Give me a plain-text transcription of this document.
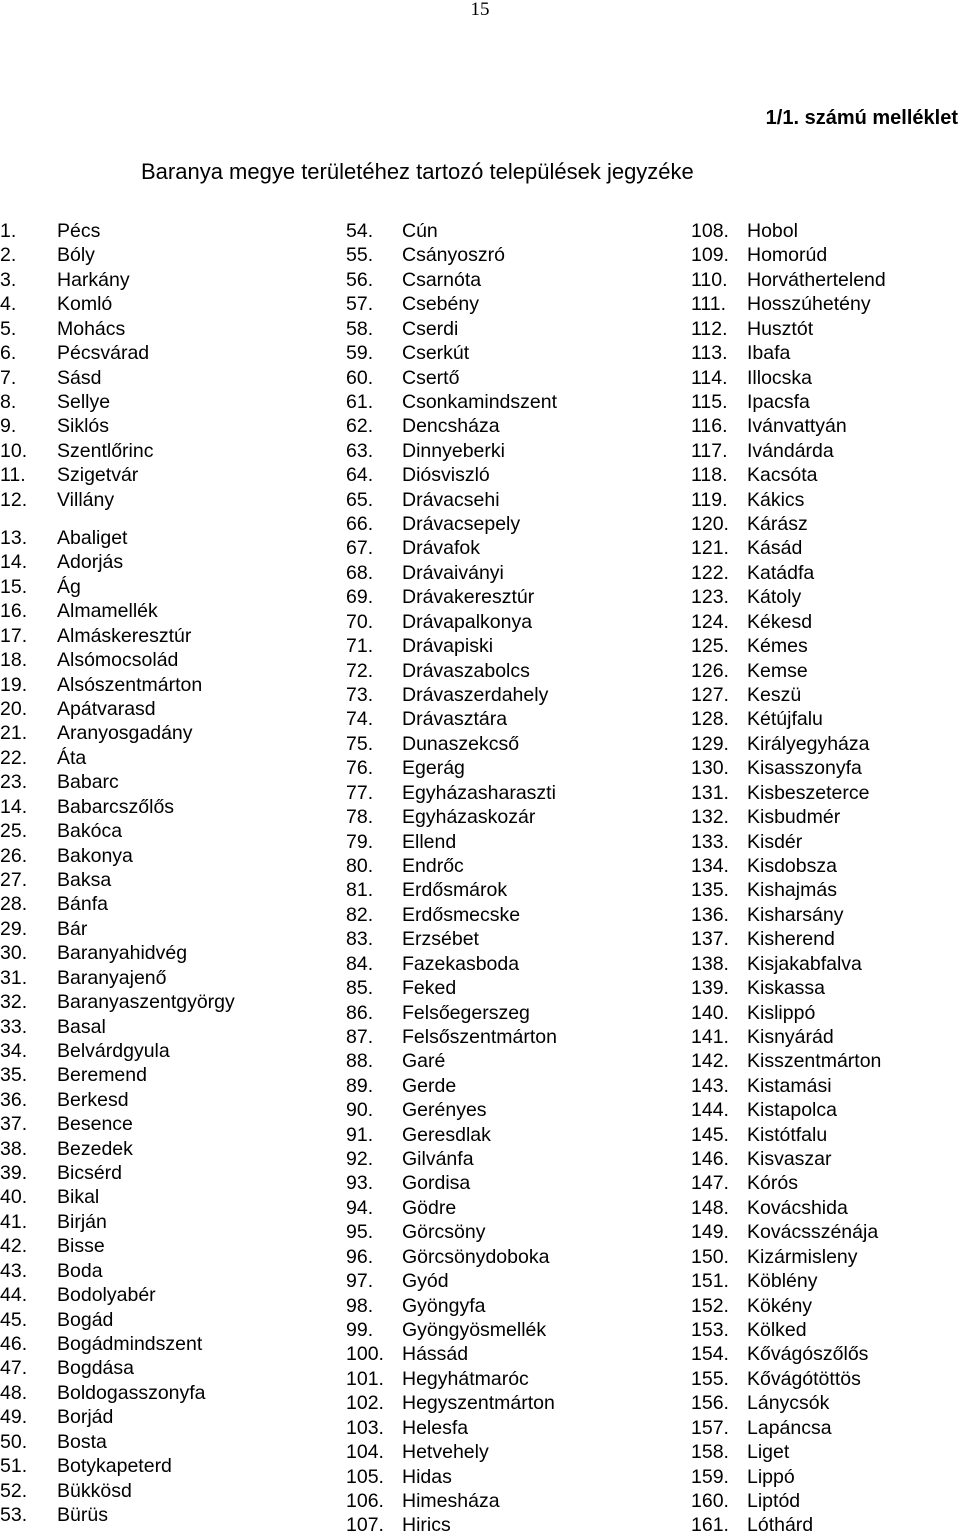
15
1/1. számú melléklet
Baranya megye területéhez tartozó települések jegyzéke
1.	Pécs
2.	Bóly
3.	Harkány
4.	Komló
5.	Mohács
6.	Pécsvárad
7.	Sásd
8.	Sellye
9.	Siklós
10.	Szentlőrinc
11.	Szigetvár
12.	Villány
13.	Abaliget
14.	Adorjás
15.	Ág
16.	Almamellék
17.	Almáskeresztúr
18.	Alsómocsolád
19.	Alsószentmárton
20.	Apátvarasd
21.	Aranyosgadány
22.	Áta
23.	Babarc
14.	Babarcszőlős
25.	Bakóca
26.	Bakonya
27.	Baksa
28.	Bánfa
29.	Bár
30.	Baranyahidvég
31.	Baranyajenő
32.	Baranyaszentgyörgy
33.	Basal
34.	Belvárdgyula
35.	Beremend
36.	Berkesd
37.	Besence
38.	Bezedek
39.	Bicsérd
40.	Bikal
41.	Birján
42.	Bisse
43.	Boda
44.	Bodolyabér
45.	Bogád
46.	Bogádmindszent
47.	Bogdása
48.	Boldogasszonyfa
49.	Borjád
50.	Bosta
51.	Botykapeterd
52.	Bükkösd
53.	Bürüs
54.	Cún
55.	Csányoszró
56.	Csarnóta
57.	Csebény
58.	Cserdi
59.	Cserkút
60.	Csertő
61.	Csonkamindszent
62.	Dencsháza
63.	Dinnyeberki
64.	Diósviszló
65.	Drávacsehi
66.	Drávacsepely
67.	Drávafok
68.	Drávaiványi
69.	Drávakeresztúr
70.	Drávapalkonya
71.	Drávapiski
72.	Drávaszabolcs
73.	Drávaszerdahely
74.	Drávasztára
75.	Dunaszekcső
76.	Egerág
77.	Egyházasharaszti
78.	Egyházaskozár
79.	Ellend
80.	Endrőc
81.	Erdősmárok
82.	Erdősmecske
83.	Erzsébet
84.	Fazekasboda
85.	Feked
86.	Felsőegerszeg
87.	Felsőszentmárton
88.	Garé
89.	Gerde
90.	Gerényes
91.	Geresdlak
92.	Gilvánfa
93.	Gordisa
94.	Gödre
95.	Görcsöny
96.	Görcsönydoboka
97.	Gyód
98.	Gyöngyfa
99.	Gyöngyösmellék
100. Hássád
101. Hegyhátmaróc
102. Hegyszentmárton
103. Helesfa
104. Hetvehely
105. Hidas
106. Himesháza
107. Hirics
108. Hobol
109. Homorúd
110. Horváthertelend
111.	Hosszúhetény
112. Husztót
113. Ibafa
114. Illocska
115. Ipacsfa
116. Ivánvattyán
117. Ivándárda
118. Kacsóta
119. Kákics
120. Kárász
121. Kásád
122. Katádfa
123. Kátoly
124. Kékesd
125. Kémes
126. Kemse
127. Keszü
128. Kétújfalu
129. Királyegyháza
130. Kisasszonyfa
131. Kisbeszeterce
132. Kisbudmér
133. Kisdér
134. Kisdobsza
135. Kishajmás
136. Kisharsány
137. Kisherend
138. Kisjakabfalva
139. Kiskassa
140. Kislippó
141. Kisnyárád
142. Kisszentmárton
143. Kistamási
144. Kistapolca
145. Kistótfalu
146. Kisvaszar
147. Kórós
148. Kovácshida
149. Kovácsszénája
150. Kizármisleny
151. Köblény
152. Kökény
153. Kölked
154. Kővágószőlős
155. Kővágótöttös
156. Lánycsók
157. Lapáncsa
158. Liget
159. Lippó
160. Liptód
161. Lóthárd
